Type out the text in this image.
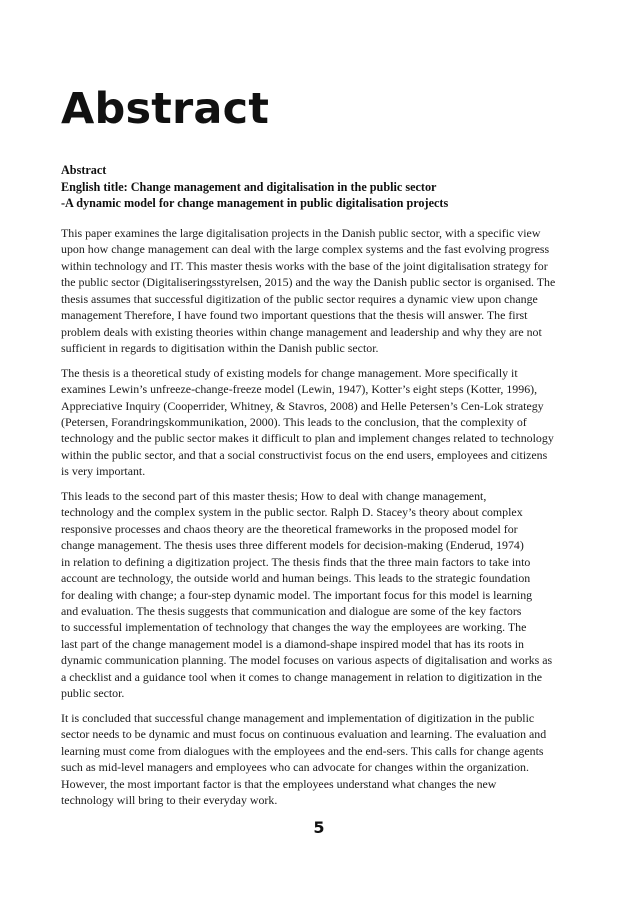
Abstract
Abstract
English title: Change management and digitalisation in the public sector
-A dynamic model for change management in public digitalisation projects

This paper examines the large digitalisation projects in the Danish public sector, with a specific view
upon how change management can deal with the large complex systems and the fast evolving progress
within technology and IT. This master thesis works with the base of the joint digitalisation strategy for
the public sector (Digitaliseringsstyrelsen, 2015) and the way the Danish public sector is organised. The
thesis assumes that successful digitization of the public sector requires a dynamic view upon change
management Therefore, I have found two important questions that the thesis will answer. The first
problem deals with existing theories within change management and leadership and why they are not
sufficient in regards to digitisation within the Danish public sector.

The thesis is a theoretical study of existing models for change management. More specifically it
examines Lewin’s unfreeze-change-freeze model (Lewin, 1947), Kotter’s eight steps (Kotter, 1996),
Appreciative Inquiry (Cooperrider, Whitney, & Stavros, 2008) and Helle Petersen’s Cen-Lok strategy
(Petersen, Forandringskommunikation, 2000). This leads to the conclusion, that the complexity of
technology and the public sector makes it difficult to plan and implement changes related to technology
within the public sector, and that a social constructivist focus on the end users, employees and citizens
is very important.

This leads to the second part of this master thesis; How to deal with change management,
technology and the complex system in the public sector. Ralph D. Stacey’s theory about complex
responsive processes and chaos theory are the theoretical frameworks in the proposed model for
change management. The thesis uses three different models for decision-making (Enderud, 1974)
in relation to defining a digitization project. The thesis finds that the three main factors to take into
account are technology, the outside world and human beings. This leads to the strategic foundation
for dealing with change; a four-step dynamic model. The important focus for this model is learning
and evaluation. The thesis suggests that communication and dialogue are some of the key factors
to successful implementation of technology that changes the way the employees are working. The
last part of the change management model is a diamond-shape inspired model that has its roots in
dynamic communication planning. The model focuses on various aspects of digitalisation and works as
a checklist and a guidance tool when it comes to change management in relation to digitization in the
public sector.

It is concluded that successful change management and implementation of digitization in the public
sector needs to be dynamic and must focus on continuous evaluation and learning. The evaluation and
learning must come from dialogues with the employees and the end-sers. This calls for change agents
such as mid-level managers and employees who can advocate for changes within the organization.
However, the most important factor is that the employees understand what changes the new
technology will bring to their everyday work.

5
